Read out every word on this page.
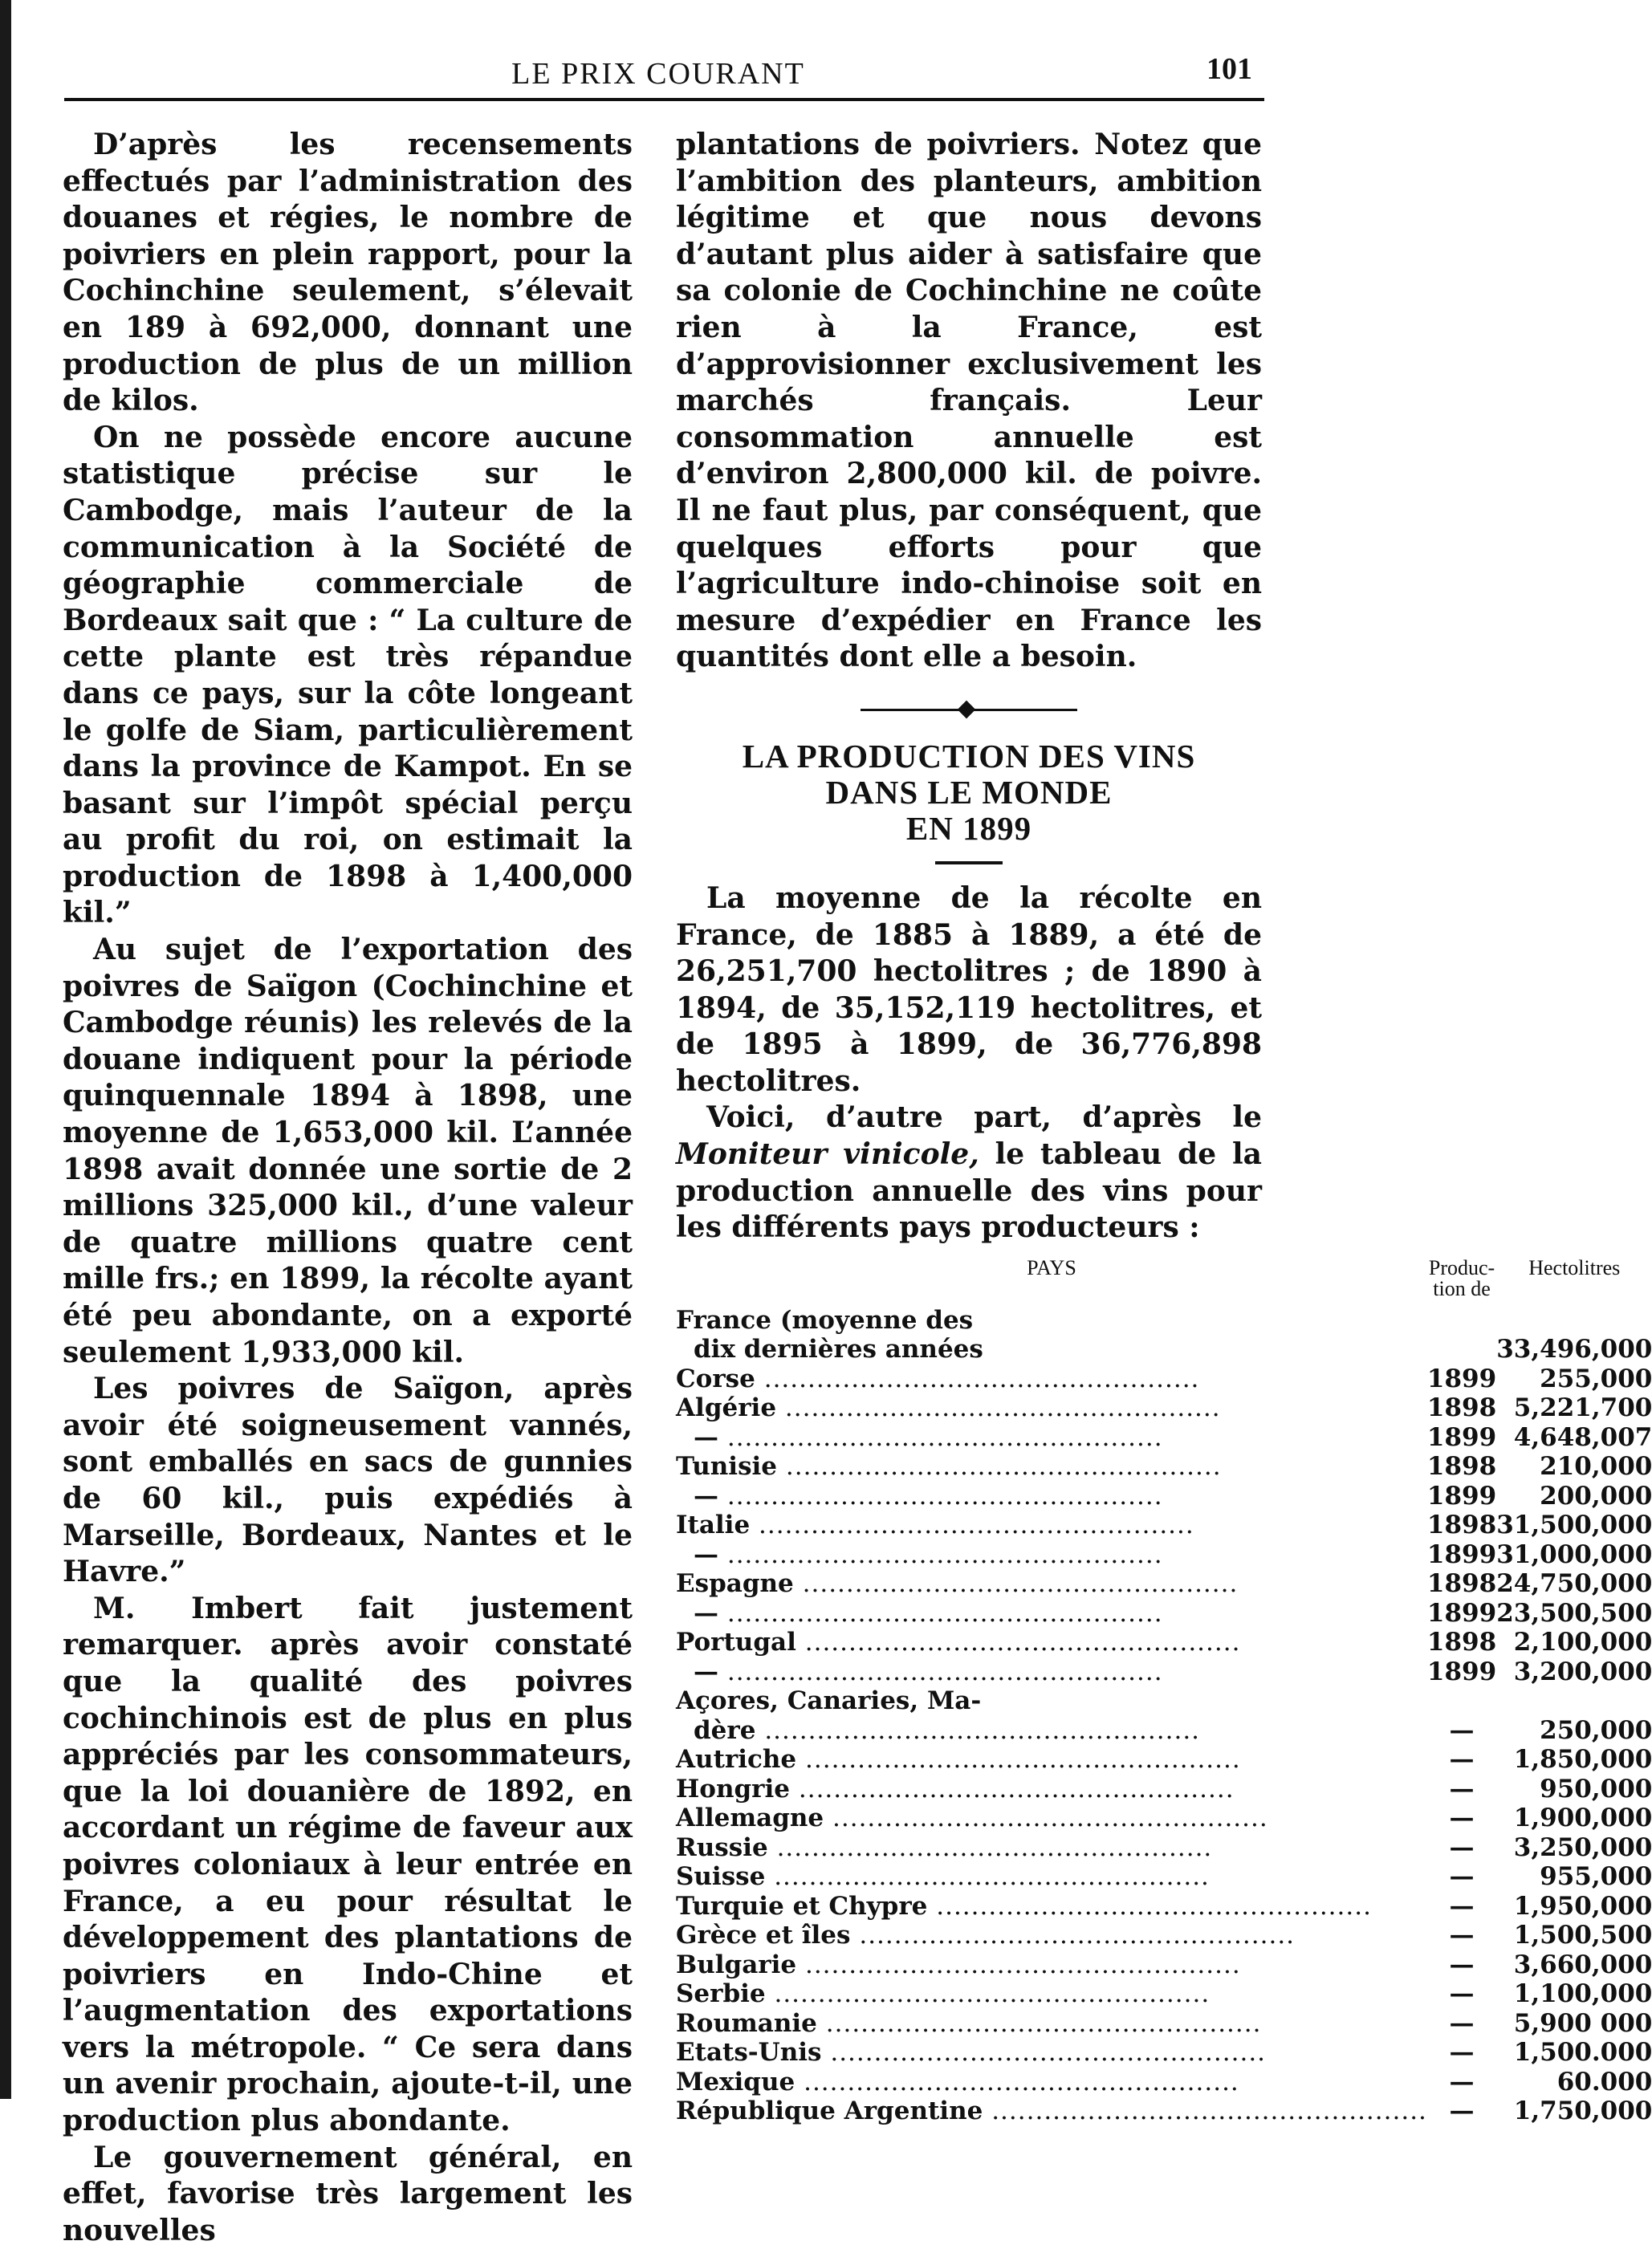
LE PRIX COURANT	101

D’après les recensements effectués par l’administration des douanes et régies, le nombre de poivriers en plein rapport, pour la Cochinchine seulement, s’élevait en 189 à 692,000, donnant une production de plus de un million de kilos.

On ne possède encore aucune statistique précise sur le Cambodge, mais l’auteur de la communication à la Société de géographie commerciale de Bordeaux sait que : “ La culture de cette plante est très répandue dans ce pays, sur la côte longeant le golfe de Siam, particulièrement dans la province de Kampot. En se basant sur l’impôt spécial perçu au profit du roi, on estimait la production de 1898 à 1,400,000 kil.”

Au sujet de l’exportation des poivres de Saïgon (Cochinchine et Cambodge réunis) les relevés de la douane indiquent pour la période quinquennale 1894 à 1898, une moyenne de 1,653,000 kil. L’année 1898 avait donnée une sortie de 2 millions 325,000 kil., d’une valeur de quatre millions quatre cent mille frs.; en 1899, la récolte ayant été peu abondante, on a exporté seulement 1,933,000 kil.

Les poivres de Saïgon, après avoir été soigneusement vannés, sont emballés en sacs de gunnies de 60 kil., puis expédiés à Marseille, Bordeaux, Nantes et le Havre.”

M. Imbert fait justement remarquer. après avoir constaté que la qualité des poivres cochinchinois est de plus en plus appréciés par les consommateurs, que la loi douanière de 1892, en accordant un régime de faveur aux poivres coloniaux à leur entrée en France, a eu pour résultat le développement des plantations de poivriers en Indo-Chine et l’augmentation des exportations vers la métropole. “ Ce sera dans un avenir prochain, ajoute-t-il, une production plus abondante.

Le gouvernement général, en effet, favorise très largement les nouvelles

plantations de poivriers. Notez que l’ambition des planteurs, ambition légitime et que nous devons d’autant plus aider à satisfaire que sa colonie de Cochinchine ne coûte rien à la France, est d’approvisionner exclusivement les marchés français. Leur consommation annuelle est d’environ 2,800,000 kil. de poivre. Il ne faut plus, par conséquent, que quelques efforts pour que l’agriculture indo-chinoise soit en mesure d’expédier en France les quantités dont elle a besoin.

LA PRODUCTION DES VINS
DANS LE MONDE
EN 1899

La moyenne de la récolte en France, de 1885 à 1889, a été de 26,251,700 hectolitres ; de 1890 à 1894, de 35,152,119 hectolitres, et de 1895 à 1899, de 36,776,898 hectolitres.

Voici, d’autre part, d’après le Moniteur vinicole, le tableau de la production annuelle des vins pour les différents pays producteurs :

PAYS	Produc-
tion de	Hectolitres
France (moyenne des		
dix dernières années		33,496,000

Corse .....	1899	255,000

Algérie .....	1898	5,221,700

— .....	1899	4,648,007

Tunisie .....	1898	210,000

— .....	1899	200,000

Italie .....	1898	31,500,000

— .....	1899	31,000,000

Espagne .....	1898	24,750,000

— .....	1899	23,500,500

Portugal .....	1898	2,100,000

— .....	1899	3,200,000
Açores, Canaries, Ma-		

dère .....	—	250,000

Autriche .....	—	1,850,000

Hongrie .....	—	950,000

Allemagne .....	—	1,900,000

Russie .....	—	3,250,000

Suisse .....	—	955,000

Turquie et Chypre .....	—	1,950,000

Grèce et îles .....	—	1,500,500

Bulgarie .....	—	3,660,000

Serbie .....	—	1,100,000

Roumanie .....	—	5,900 000

Etats-Unis .....	—	1,500.000

Mexique .....	—	60.000

République Argentine .....	—	1,750,000
